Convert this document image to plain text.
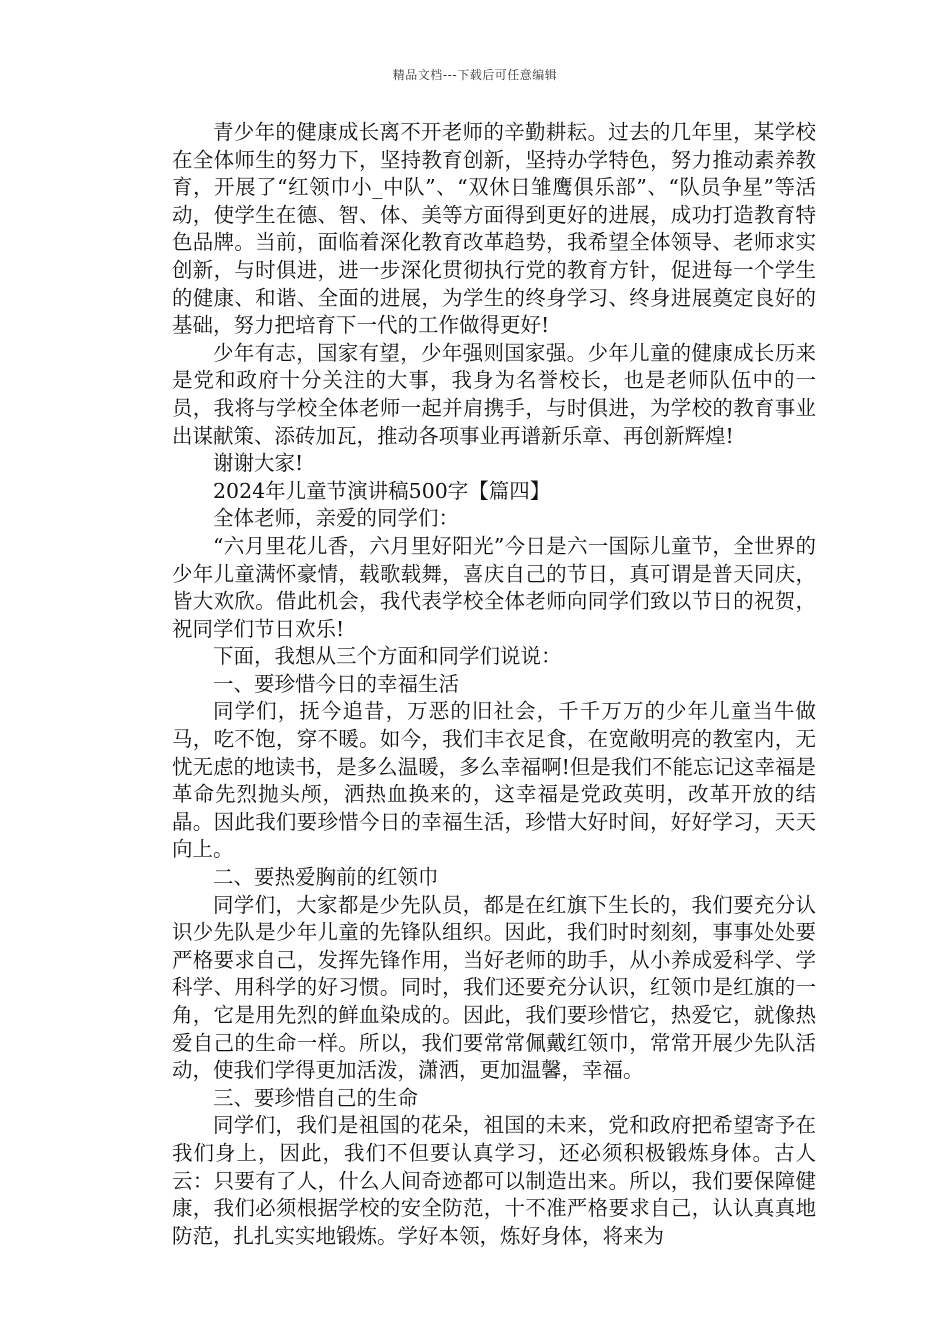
精品文档---下载后可任意编辑

青少年的健康成长离不开老师的辛勤耕耘。过去的几年里，某学校在全体师生的努力下，坚持教育创新，坚持办学特色，努力推动素养教育，开展了“红领巾小_中队”、“双休日雏鹰俱乐部”、“队员争星”等活动，使学生在德、智、体、美等方面得到更好的进展，成功打造教育特色品牌。当前，面临着深化教育改革趋势，我希望全体领导、老师求实创新，与时俱进，进一步深化贯彻执行党的教育方针，促进每一个学生的健康、和谐、全面的进展，为学生的终身学习、终身进展奠定良好的基础，努力把培育下一代的工作做得更好!

少年有志，国家有望，少年强则国家强。少年儿童的健康成长历来是党和政府十分关注的大事，我身为名誉校长，也是老师队伍中的一员，我将与学校全体老师一起并肩携手，与时俱进，为学校的教育事业出谋献策、添砖加瓦，推动各项事业再谱新乐章、再创新辉煌!

谢谢大家!

2024年儿童节演讲稿500字【篇四】

全体老师，亲爱的同学们：

“六月里花儿香，六月里好阳光”今日是六一国际儿童节，全世界的少年儿童满怀豪情，载歌载舞，喜庆自己的节日，真可谓是普天同庆，皆大欢欣。借此机会，我代表学校全体老师向同学们致以节日的祝贺，祝同学们节日欢乐!

下面，我想从三个方面和同学们说说：

一、要珍惜今日的幸福生活

同学们，抚今追昔，万恶的旧社会，千千万万的少年儿童当牛做马，吃不饱，穿不暖。如今，我们丰衣足食，在宽敞明亮的教室内，无忧无虑的地读书，是多么温暖，多么幸福啊!但是我们不能忘记这幸福是革命先烈抛头颅，洒热血换来的，这幸福是党政英明，改革开放的结晶。因此我们要珍惜今日的幸福生活，珍惜大好时间，好好学习，天天向上。

二、要热爱胸前的红领巾

同学们，大家都是少先队员，都是在红旗下生长的，我们要充分认识少先队是少年儿童的先锋队组织。因此，我们时时刻刻，事事处处要严格要求自己，发挥先锋作用，当好老师的助手，从小养成爱科学、学科学、用科学的好习惯。同时，我们还要充分认识，红领巾是红旗的一角，它是用先烈的鲜血染成的。因此，我们要珍惜它，热爱它，就像热爱自己的生命一样。所以，我们要常常佩戴红领巾，常常开展少先队活动，使我们学得更加活泼，潇洒，更加温馨，幸福。

三、要珍惜自己的生命

同学们，我们是祖国的花朵，祖国的未来，党和政府把希望寄予在我们身上，因此，我们不但要认真学习，还必须积极锻炼身体。古人云：只要有了人，什么人间奇迹都可以制造出来。所以，我们要保障健康，我们必须根据学校的安全防范，十不准严格要求自己，认认真真地防范，扎扎实实地锻炼。学好本领，炼好身体，将来为
